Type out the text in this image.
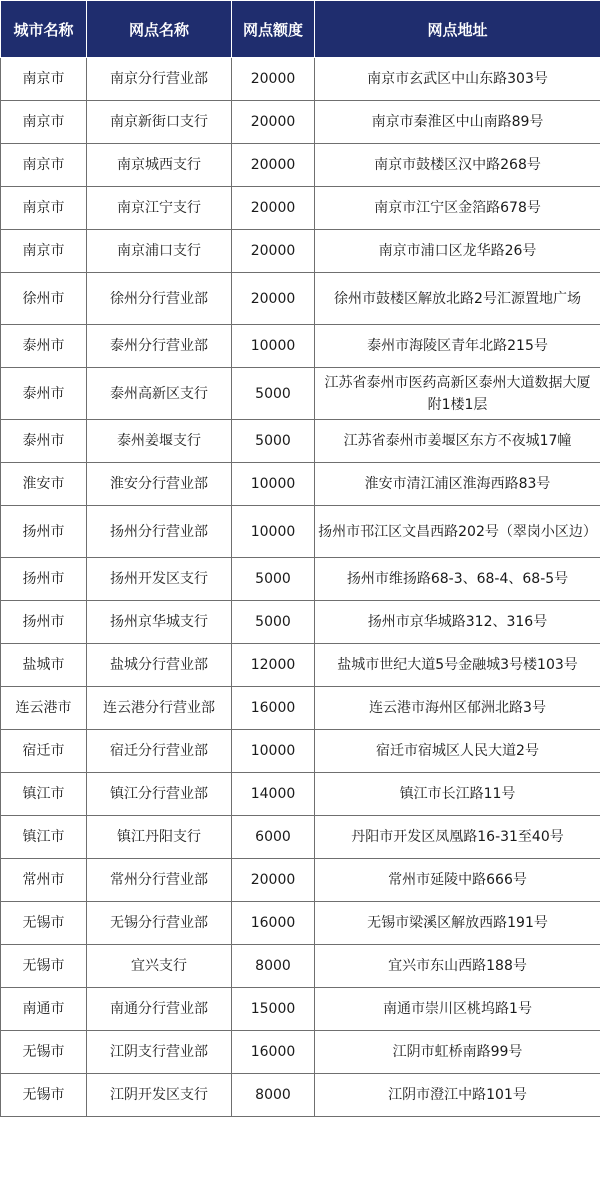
城市名称	网点名称	网点额度	网点地址
南京市	南京分行营业部	20000	南京市玄武区中山东路303号
南京市	南京新街口支行	20000	南京市秦淮区中山南路89号
南京市	南京城西支行	20000	南京市鼓楼区汉中路268号
南京市	南京江宁支行	20000	南京市江宁区金箔路678号
南京市	南京浦口支行	20000	南京市浦口区龙华路26号
徐州市	徐州分行营业部	20000	徐州市鼓楼区解放北路2号汇源置地广场
泰州市	泰州分行营业部	10000	泰州市海陵区青年北路215号
泰州市	泰州高新区支行	5000	江苏省泰州市医药高新区泰州大道数据大厦附1楼1层
泰州市	泰州姜堰支行	5000	江苏省泰州市姜堰区东方不夜城17幢
淮安市	淮安分行营业部	10000	淮安市清江浦区淮海西路83号
扬州市	扬州分行营业部	10000	扬州市邗江区文昌西路202号（翠岗小区边）
扬州市	扬州开发区支行	5000	扬州市维扬路68-3、68-4、68-5号
扬州市	扬州京华城支行	5000	扬州市京华城路312、316号
盐城市	盐城分行营业部	12000	盐城市世纪大道5号金融城3号楼103号
连云港市	连云港分行营业部	16000	连云港市海州区郁洲北路3号
宿迁市	宿迁分行营业部	10000	宿迁市宿城区人民大道2号
镇江市	镇江分行营业部	14000	镇江市长江路11号
镇江市	镇江丹阳支行	6000	丹阳市开发区凤凰路16-31至40号
常州市	常州分行营业部	20000	常州市延陵中路666号
无锡市	无锡分行营业部	16000	无锡市梁溪区解放西路191号
无锡市	宜兴支行	8000	宜兴市东山西路188号
南通市	南通分行营业部	15000	南通市崇川区桃坞路1号
无锡市	江阴支行营业部	16000	江阴市虹桥南路99号
无锡市	江阴开发区支行	8000	江阴市澄江中路101号
